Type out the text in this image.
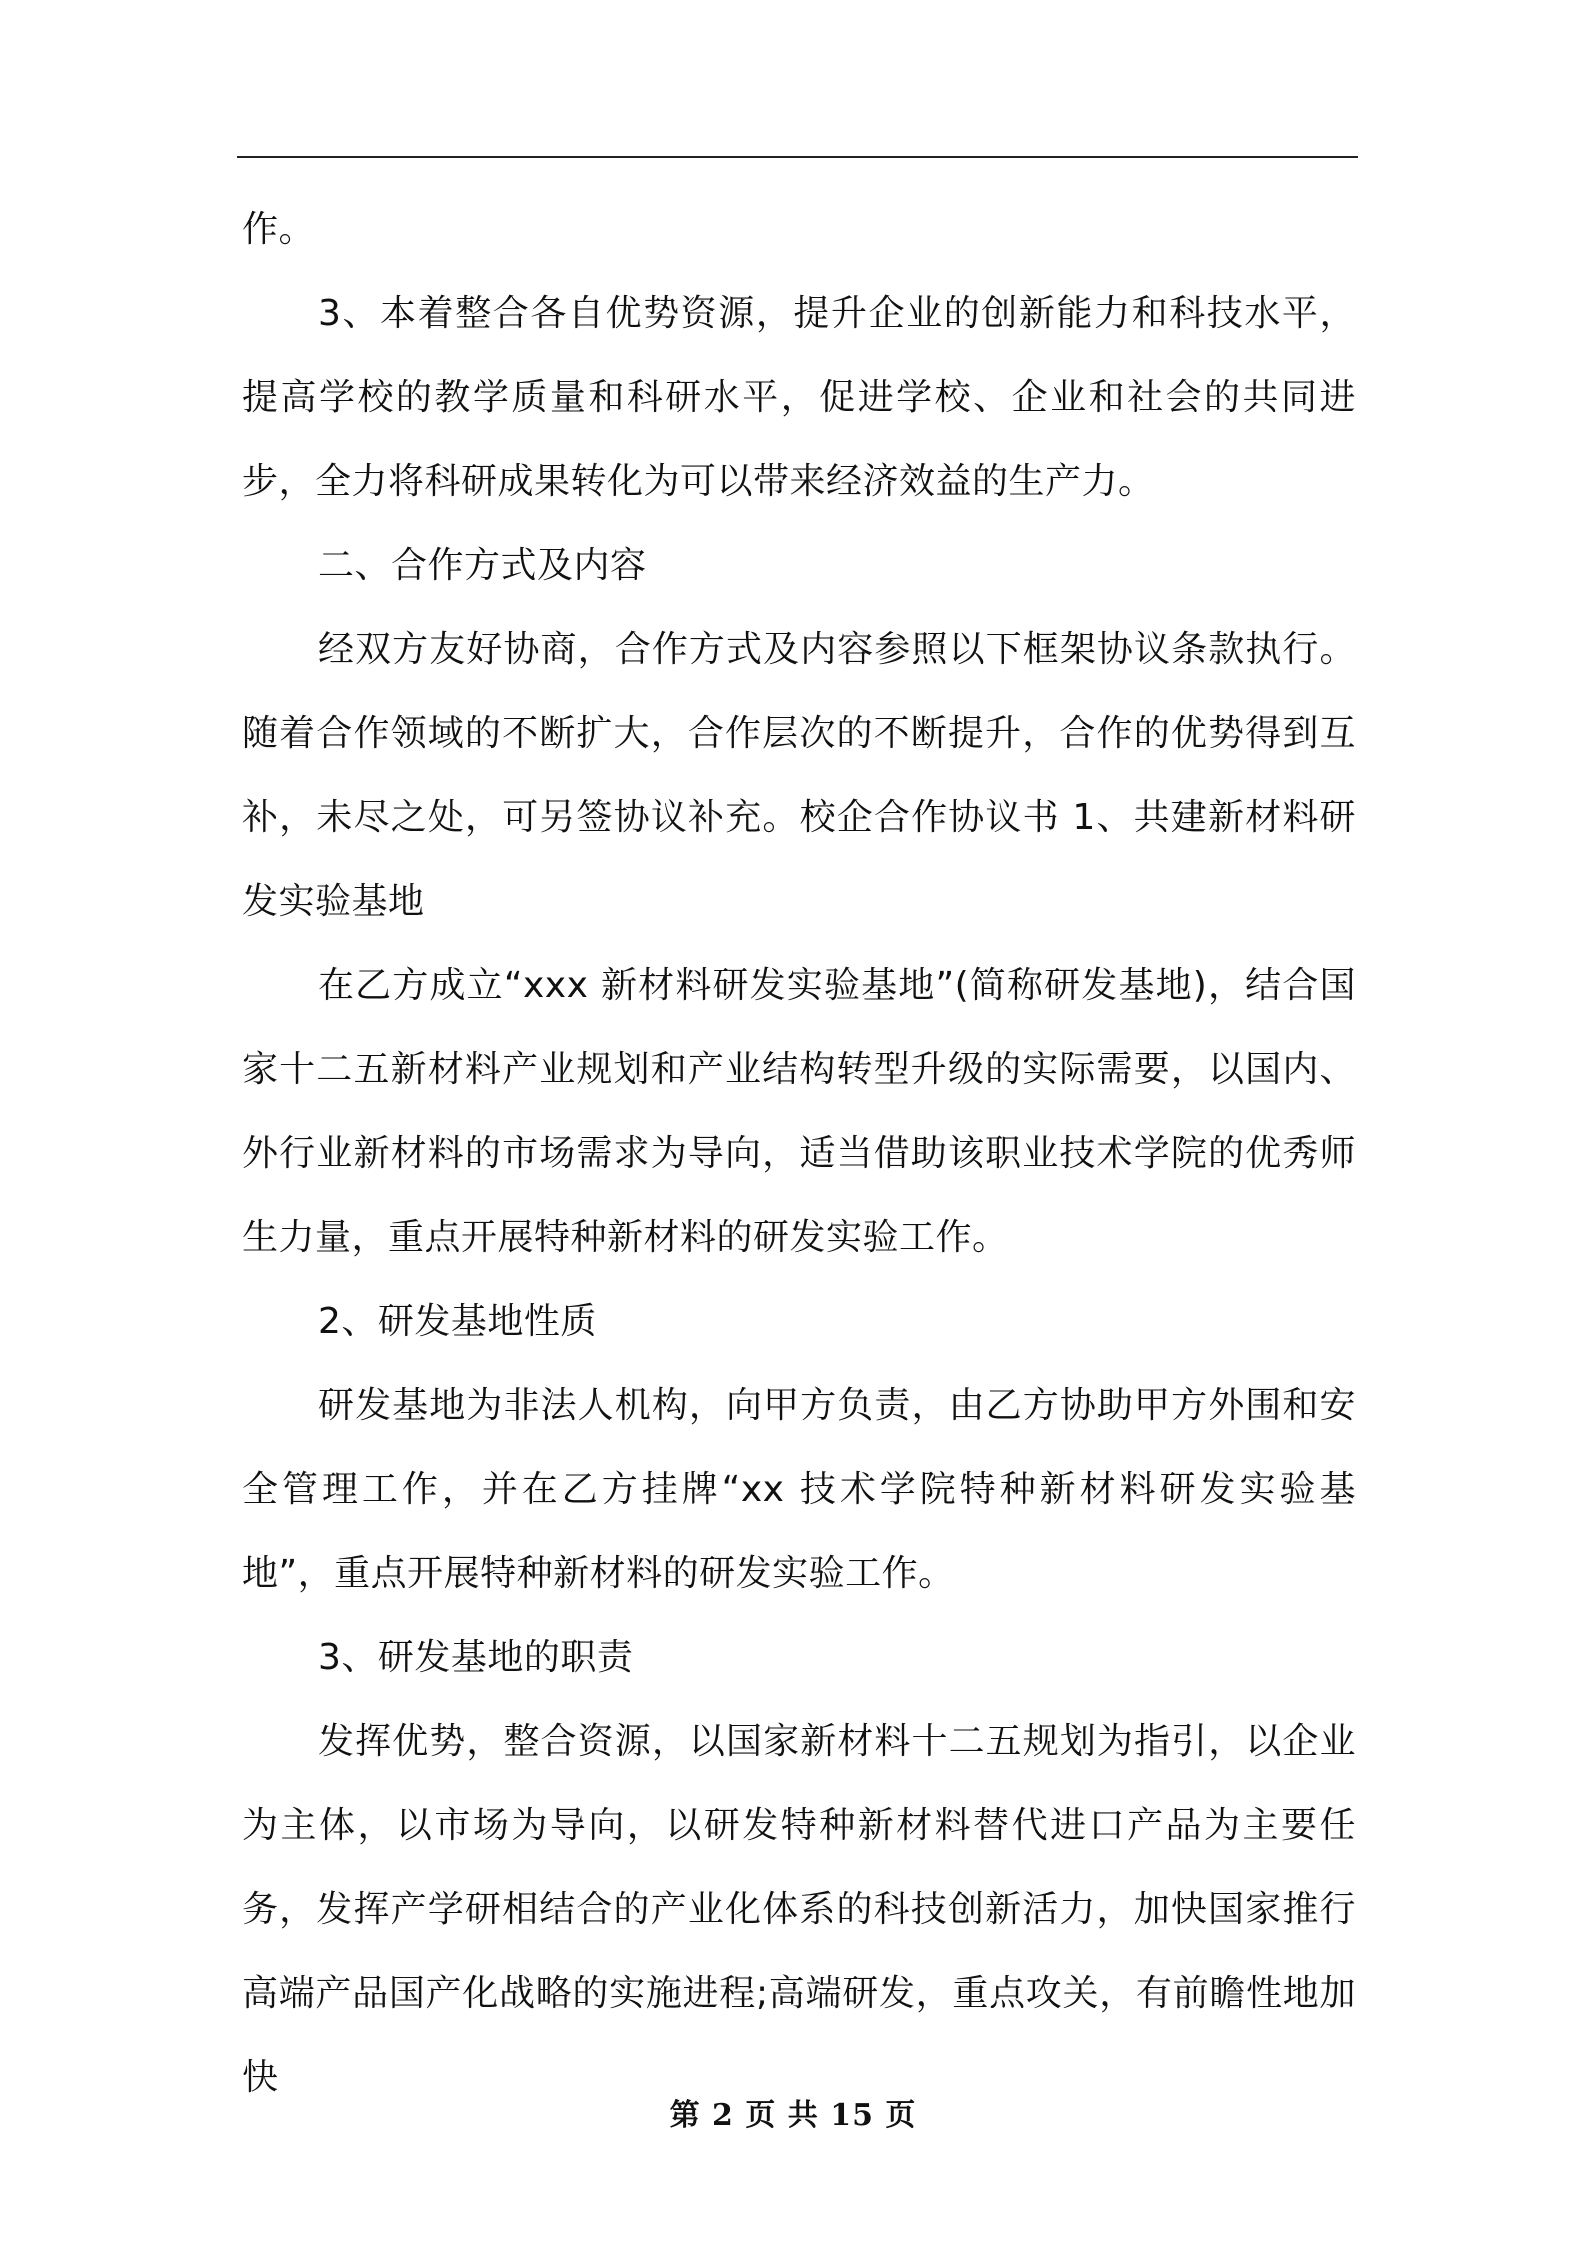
作。

3、本着整合各自优势资源，提升企业的创新能力和科技水平，提高学校的教学质量和科研水平，促进学校、企业和社会的共同进步，全力将科研成果转化为可以带来经济效益的生产力。

二、合作方式及内容

经双方友好协商，合作方式及内容参照以下框架协议条款执行。随着合作领域的不断扩大，合作层次的不断提升，合作的优势得到互补，未尽之处，可另签协议补充。校企合作协议书 1、共建新材料研发实验基地

在乙方成立“xxx 新材料研发实验基地”(简称研发基地)，结合国家十二五新材料产业规划和产业结构转型升级的实际需要，以国内、外行业新材料的市场需求为导向，适当借助该职业技术学院的优秀师生力量，重点开展特种新材料的研发实验工作。

2、研发基地性质

研发基地为非法人机构，向甲方负责，由乙方协助甲方外围和安全管理工作，并在乙方挂牌“xx 技术学院特种新材料研发实验基地”，重点开展特种新材料的研发实验工作。

3、研发基地的职责

发挥优势，整合资源，以国家新材料十二五规划为指引，以企业为主体，以市场为导向，以研发特种新材料替代进口产品为主要任务，发挥产学研相结合的产业化体系的科技创新活力，加快国家推行高端产品国产化战略的实施进程;高端研发，重点攻关，有前瞻性地加快

第 2 页 共 15 页
